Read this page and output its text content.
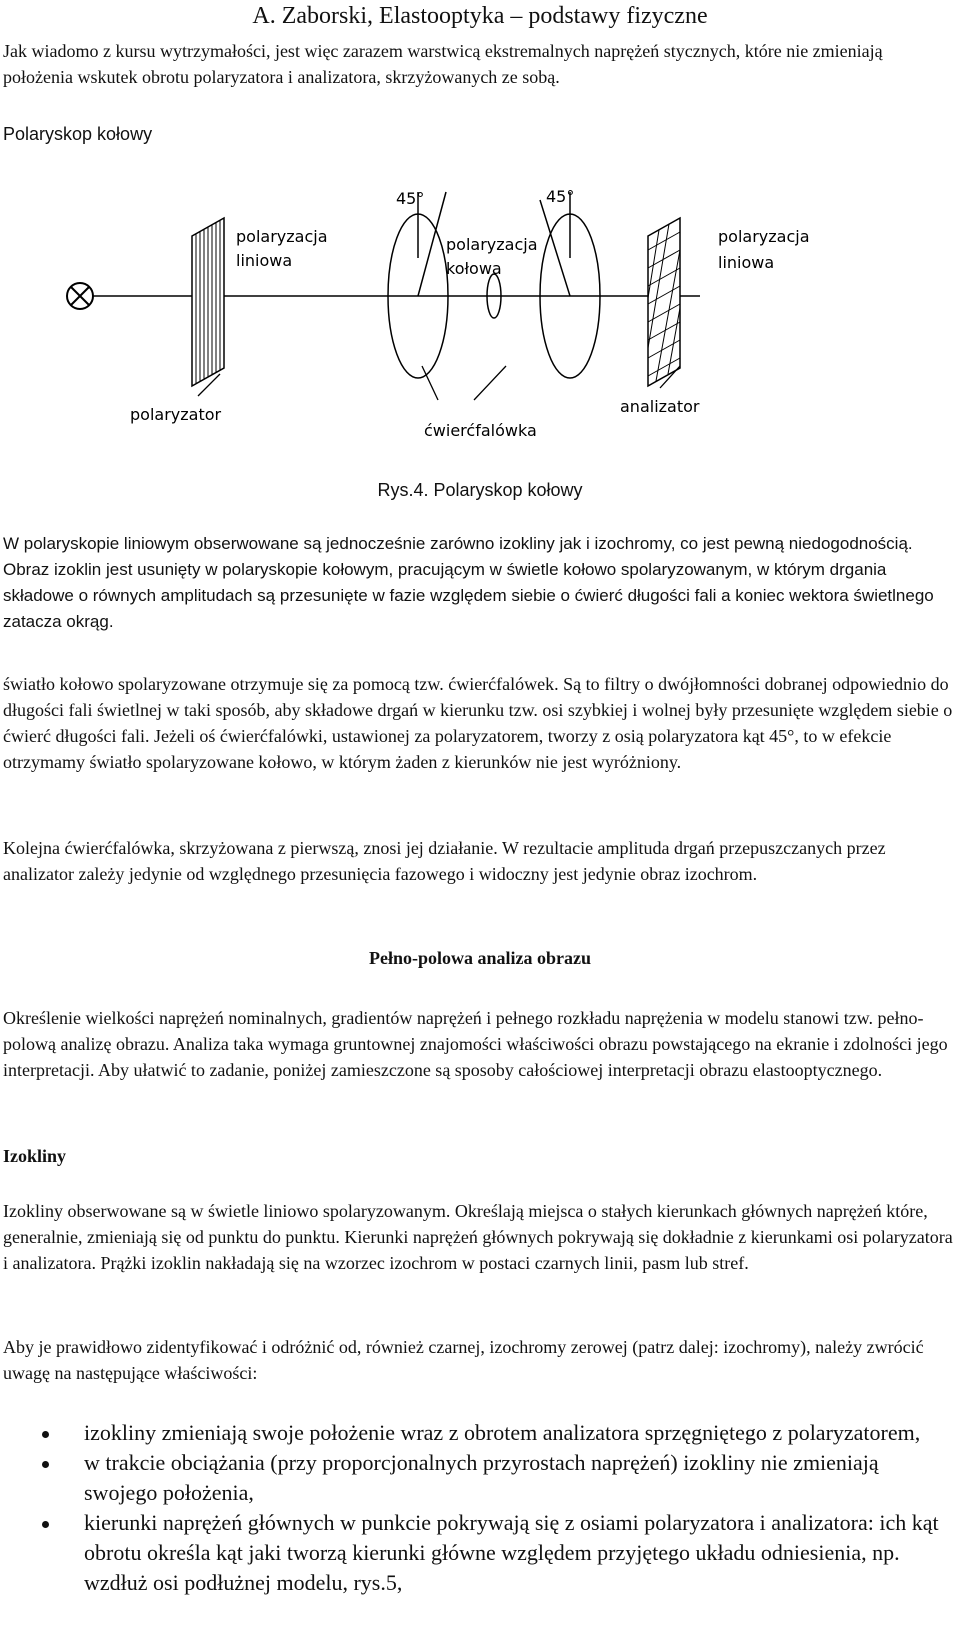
A. Zaborski, Elastooptyka – podstawy fizyczne

Jak wiadomo z kursu wytrzymałości, jest więc zarazem warstwicą ekstremalnych naprężeń stycznych, które nie zmieniają położenia wskutek obrotu polaryzatora i analizatora, skrzyżowanych ze sobą.

Polaryskop kołowy
45°	45°
polaryzacja
liniowa
polaryzacja
kołowa
polaryzacja
liniowa
polaryzator
ćwierćfalówka
analizator
Rys.4. Polaryskop kołowy

W polaryskopie liniowym obserwowane są jednocześnie zarówno izokliny jak i izochromy, co jest pewną niedogodnością. Obraz izoklin jest usunięty w polaryskopie kołowym, pracującym w świetle kołowo spolaryzowanym, w którym drgania składowe o równych amplitudach są przesunięte w fazie względem siebie o ćwierć długości fali a koniec wektora świetlnego zatacza okrąg.

światło kołowo spolaryzowane otrzymuje się za pomocą tzw. ćwierćfalówek. Są to filtry o dwójłomności dobranej odpowiednio do długości fali świetlnej w taki sposób, aby składowe drgań w kierunku tzw. osi szybkiej i wolnej były przesunięte względem siebie o ćwierć długości fali. Jeżeli oś ćwierćfalówki, ustawionej za polaryzatorem, tworzy z osią polaryzatora kąt 45°, to w efekcie otrzymamy światło spolaryzowane kołowo, w którym żaden z kierunków nie jest wyróżniony.

Kolejna ćwierćfalówka, skrzyżowana z pierwszą, znosi jej działanie. W rezultacie amplituda drgań przepuszczanych przez analizator zależy jedynie od względnego przesunięcia fazowego i widoczny jest jedynie obraz izochrom.

Pełno-polowa analiza obrazu

Określenie wielkości naprężeń nominalnych, gradientów naprężeń i pełnego rozkładu naprężenia w modelu stanowi tzw. pełno-polową analizę obrazu. Analiza taka wymaga gruntownej znajomości właściwości obrazu powstającego na ekranie i zdolności jego interpretacji. Aby ułatwić to zadanie, poniżej zamieszczone są sposoby całościowej interpretacji obrazu elastooptycznego.

Izokliny

Izokliny obserwowane są w świetle liniowo spolaryzowanym. Określają miejsca o stałych kierunkach głównych naprężeń które, generalnie, zmieniają się od punktu do punktu. Kierunki naprężeń głównych pokrywają się dokładnie z kierunkami osi polaryzatora i analizatora. Prążki izoklin nakładają się na wzorzec izochrom w postaci czarnych linii, pasm lub stref.

Aby je prawidłowo zidentyfikować i odróżnić od, również czarnej, izochromy zerowej (patrz dalej: izochromy), należy zwrócić uwagę na następujące właściwości:

izokliny zmieniają swoje położenie wraz z obrotem analizatora sprzęgniętego z polaryzatorem,
w trakcie obciążania (przy proporcjonalnych przyrostach naprężeń) izokliny nie zmieniają swojego położenia,
kierunki naprężeń głównych w punkcie pokrywają się z osiami polaryzatora i analizatora: ich kąt obrotu określa kąt jaki tworzą kierunki główne względem przyjętego układu odniesienia, np. wzdłuż osi podłużnej modelu, rys.5,
